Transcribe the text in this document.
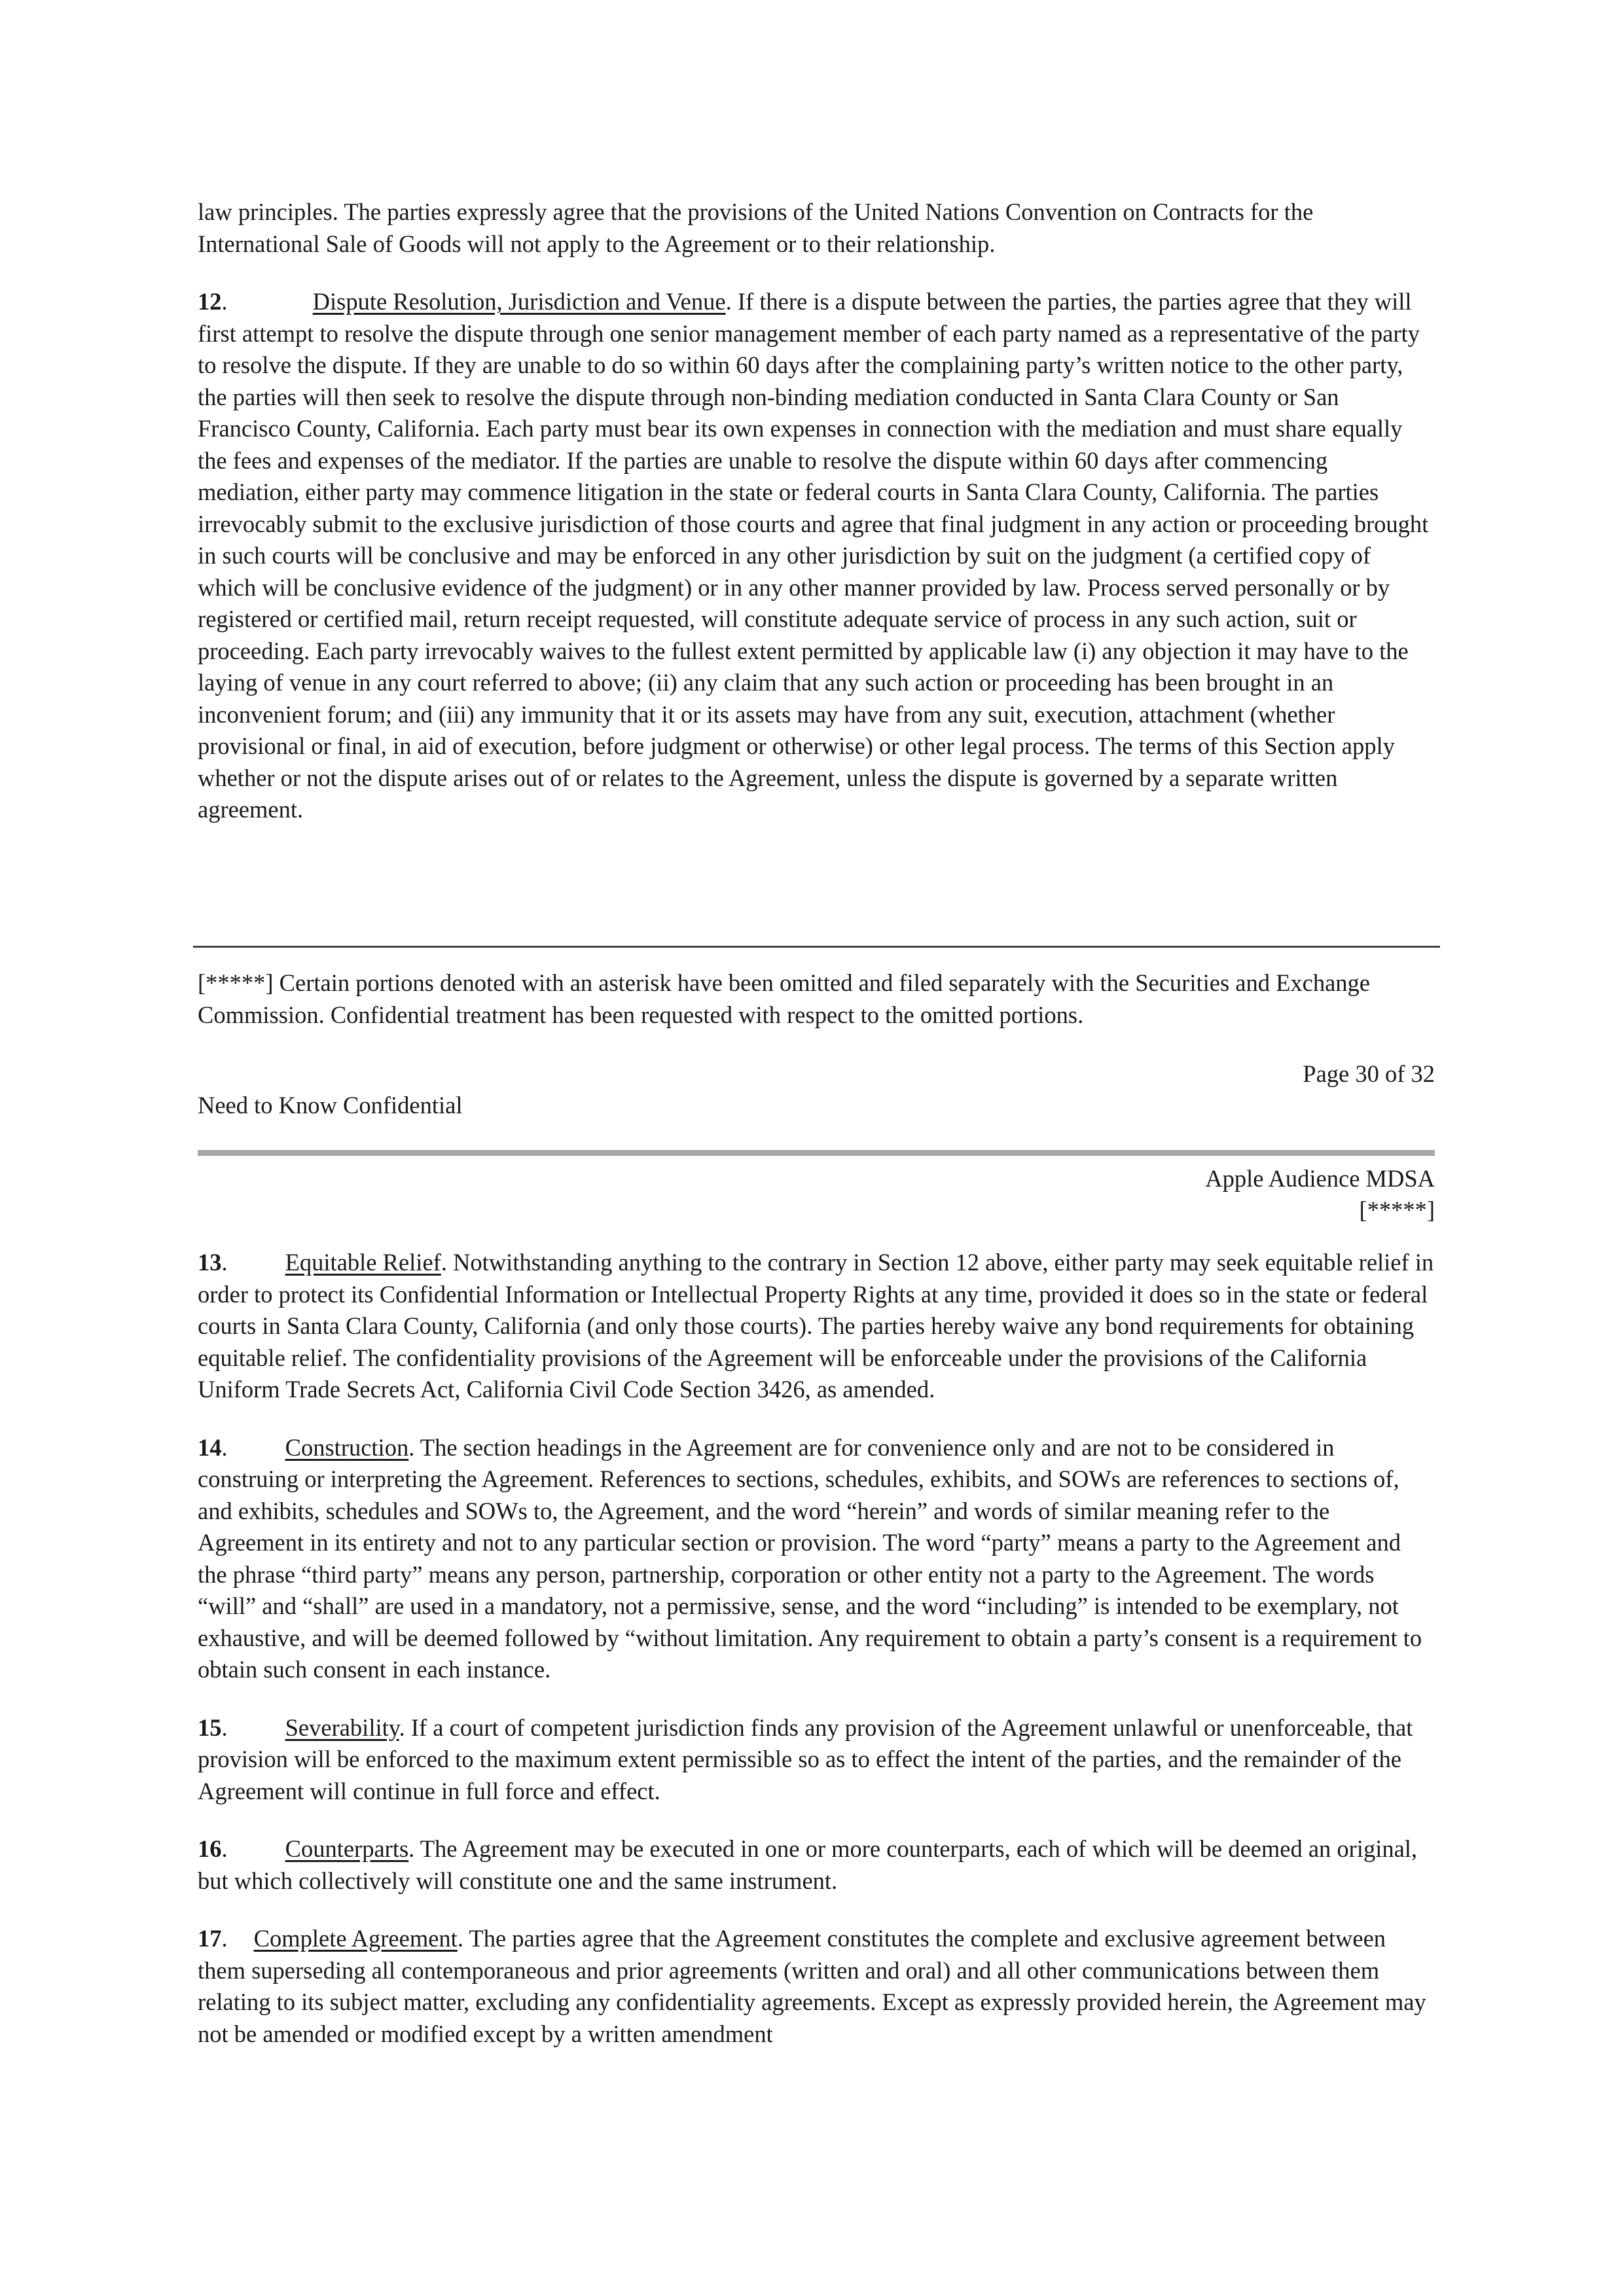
law principles. The parties expressly agree that the provisions of the United Nations Convention on Contracts for the International Sale of Goods will not apply to the Agreement or to their relationship.

12.	Dispute Resolution, Jurisdiction and Venue. If there is a dispute between the parties, the parties agree that they will first attempt to resolve the dispute through one senior management member of each party named as a representative of the party to resolve the dispute. If they are unable to do so within 60 days after the complaining party’s written notice to the other party, the parties will then seek to resolve the dispute through non-binding mediation conducted in Santa Clara County or San Francisco County, California. Each party must bear its own expenses in connection with the mediation and must share equally the fees and expenses of the mediator. If the parties are unable to resolve the dispute within 60 days after commencing mediation, either party may commence litigation in the state or federal courts in Santa Clara County, California. The parties irrevocably submit to the exclusive jurisdiction of those courts and agree that final judgment in any action or proceeding brought in such courts will be conclusive and may be enforced in any other jurisdiction by suit on the judgment (a certified copy of which will be conclusive evidence of the judgment) or in any other manner provided by law. Process served personally or by registered or certified mail, return receipt requested, will constitute adequate service of process in any such action, suit or proceeding. Each party irrevocably waives to the fullest extent permitted by applicable law (i) any objection it may have to the laying of venue in any court referred to above; (ii) any claim that any such action or proceeding has been brought in an inconvenient forum; and (iii) any immunity that it or its assets may have from any suit, execution, attachment (whether provisional or final, in aid of execution, before judgment or otherwise) or other legal process. The terms of this Section apply whether or not the dispute arises out of or relates to the Agreement, unless the dispute is governed by a separate written agreement.

[*****] Certain portions denoted with an asterisk have been omitted and filed separately with the Securities and Exchange Commission. Confidential treatment has been requested with respect to the omitted portions.

Page 30 of 32

Need to Know Confidential

Apple Audience MDSA

[*****]

13. Equitable Relief. Notwithstanding anything to the contrary in Section 12 above, either party may seek equitable relief in order to protect its Confidential Information or Intellectual Property Rights at any time, provided it does so in the state or federal courts in Santa Clara County, California (and only those courts). The parties hereby waive any bond requirements for obtaining equitable relief. The confidentiality provisions of the Agreement will be enforceable under the provisions of the California Uniform Trade Secrets Act, California Civil Code Section 3426, as amended.

14. Construction. The section headings in the Agreement are for convenience only and are not to be considered in construing or interpreting the Agreement. References to sections, schedules, exhibits, and SOWs are references to sections of, and exhibits, schedules and SOWs to, the Agreement, and the word “herein” and words of similar meaning refer to the Agreement in its entirety and not to any particular section or provision. The word “party” means a party to the Agreement and the phrase “third party” means any person, partnership, corporation or other entity not a party to the Agreement. The words “will” and “shall” are used in a mandatory, not a permissive, sense, and the word “including” is intended to be exemplary, not exhaustive, and will be deemed followed by “without limitation. Any requirement to obtain a party’s consent is a requirement to obtain such consent in each instance.

15. Severability. If a court of competent jurisdiction finds any provision of the Agreement unlawful or unenforceable, that provision will be enforced to the maximum extent permissible so as to effect the intent of the parties, and the remainder of the Agreement will continue in full force and effect.

16. Counterparts. The Agreement may be executed in one or more counterparts, each of which will be deemed an original, but which collectively will constitute one and the same instrument.

17. Complete Agreement. The parties agree that the Agreement constitutes the complete and exclusive agreement between them superseding all contemporaneous and prior agreements (written and oral) and all other communications between them relating to its subject matter, excluding any confidentiality agreements. Except as expressly provided herein, the Agreement may not be amended or modified except by a written amendment
